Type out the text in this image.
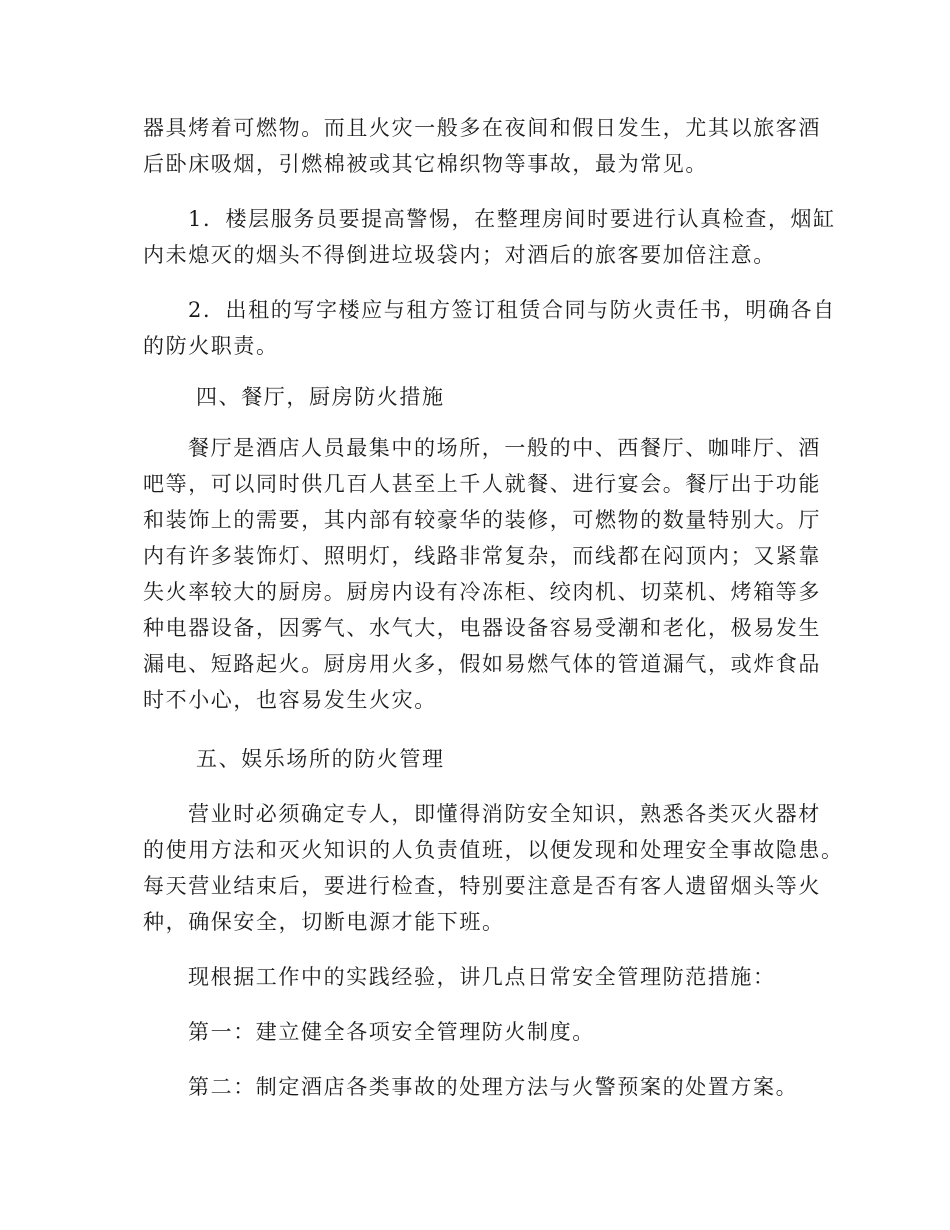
器具烤着可燃物。而且火灾一般多在夜间和假日发生，尤其以旅客酒
后卧床吸烟，引燃棉被或其它棉织物等事故，最为常见。
1．楼层服务员要提高警惕，在整理房间时要进行认真检查，烟缸
内未熄灭的烟头不得倒进垃圾袋内；对酒后的旅客要加倍注意。
2．出租的写字楼应与租方签订租赁合同与防火责任书，明确各自
的防火职责。
四、餐厅，厨房防火措施
餐厅是酒店人员最集中的场所，一般的中、西餐厅、咖啡厅、酒
吧等，可以同时供几百人甚至上千人就餐、进行宴会。餐厅出于功能
和装饰上的需要，其内部有较豪华的装修，可燃物的数量特别大。厅
内有许多装饰灯、照明灯，线路非常复杂，而线都在闷顶内；又紧靠
失火率较大的厨房。厨房内设有冷冻柜、绞肉机、切菜机、烤箱等多
种电器设备，因雾气、水气大，电器设备容易受潮和老化，极易发生
漏电、短路起火。厨房用火多，假如易燃气体的管道漏气，或炸食品
时不小心，也容易发生火灾。
五、娱乐场所的防火管理
营业时必须确定专人，即懂得消防安全知识，熟悉各类灭火器材
的使用方法和灭火知识的人负责值班，以便发现和处理安全事故隐患。
每天营业结束后，要进行检查，特别要注意是否有客人遗留烟头等火
种，确保安全，切断电源才能下班。
现根据工作中的实践经验，讲几点日常安全管理防范措施：
第一：建立健全各项安全管理防火制度。
第二：制定酒店各类事故的处理方法与火警预案的处置方案。
